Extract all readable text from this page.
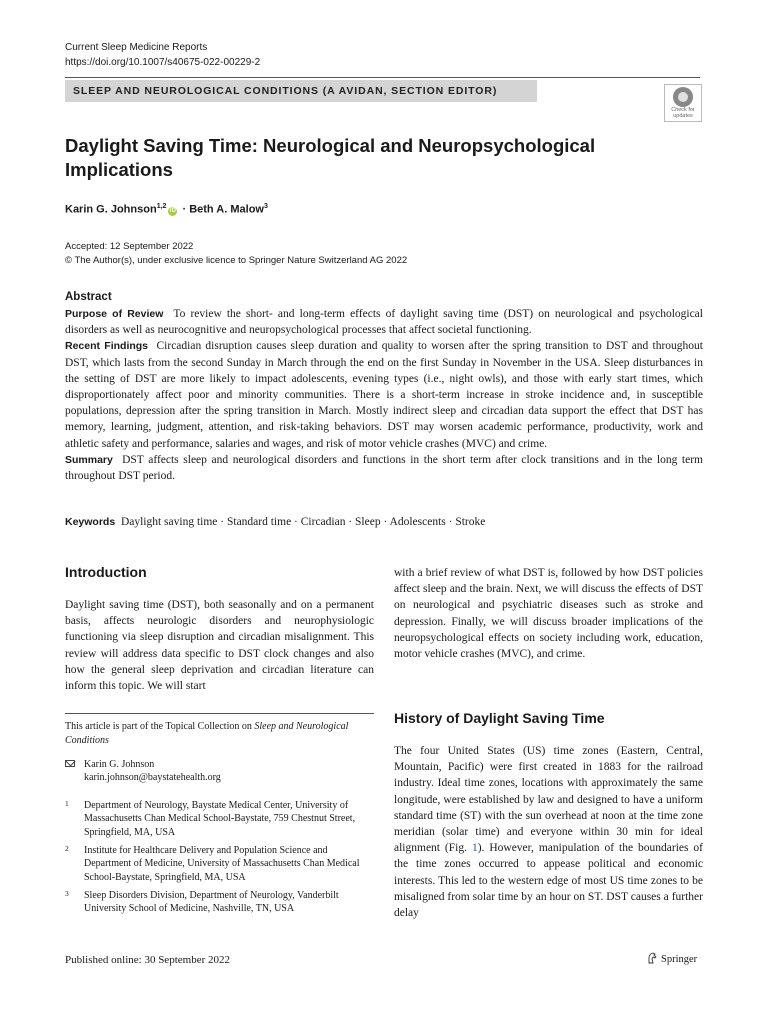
Current Sleep Medicine Reports
https://doi.org/10.1007/s40675-022-00229-2
SLEEP AND NEUROLOGICAL CONDITIONS (A AVIDAN, SECTION EDITOR)
Check for
updates
Daylight Saving Time: Neurological and Neuropsychological Implications
Karin G. Johnson$^{1,2}$iD · Beth A. Malow$^3$
Accepted: 12 September 2022
© The Author(s), under exclusive licence to Springer Nature Switzerland AG 2022
Abstract

Purpose of Review To review the short- and long-term effects of daylight saving time (DST) on neurological and psychological disorders as well as neurocognitive and neuropsychological processes that affect societal functioning.

Recent Findings Circadian disruption causes sleep duration and quality to worsen after the spring transition to DST and throughout DST, which lasts from the second Sunday in March through the end on the first Sunday in November in the USA. Sleep disturbances in the setting of DST are more likely to impact adolescents, evening types (i.e., night owls), and those with early start times, which disproportionately affect poor and minority communities. There is a short-term increase in stroke incidence and, in susceptible populations, depression after the spring transition in March. Mostly indirect sleep and circadian data support the effect that DST has memory, learning, judgment, attention, and risk-taking behaviors. DST may worsen academic performance, productivity, work and athletic safety and performance, salaries and wages, and risk of motor vehicle crashes (MVC) and crime.

Summary DST affects sleep and neurological disorders and functions in the short term after clock transitions and in the long term throughout DST period.

Keywords Daylight saving time · Standard time · Circadian · Sleep · Adolescents · Stroke
Introduction
Daylight saving time (DST), both seasonally and on a permanent basis, affects neurologic disorders and neurophysiologic functioning via sleep disruption and circadian misalignment. This review will address data specific to DST clock changes and also how the general sleep deprivation and circadian literature can inform this topic. We will start
This article is part of the Topical Collection on Sleep and Neurological Conditions
Karin G. Johnson
karin.johnson@baystatehealth.org
1 Department of Neurology, Baystate Medical Center, University of Massachusetts Chan Medical School-Baystate, 759 Chestnut Street, Springfield, MA, USA
2 Institute for Healthcare Delivery and Population Science and Department of Medicine, University of Massachusetts Chan Medical School-Baystate, Springfield, MA, USA
3 Sleep Disorders Division, Department of Neurology, Vanderbilt University School of Medicine, Nashville, TN, USA
with a brief review of what DST is, followed by how DST policies affect sleep and the brain. Next, we will discuss the effects of DST on neurological and psychiatric diseases such as stroke and depression. Finally, we will discuss broader implications of the neuropsychological effects on society including work, education, motor vehicle crashes (MVC), and crime.
History of Daylight Saving Time
The four United States (US) time zones (Eastern, Central, Mountain, Pacific) were first created in 1883 for the railroad industry. Ideal time zones, locations with approximately the same longitude, were established by law and designed to have a uniform standard time (ST) with the sun overhead at noon at the time zone meridian (solar time) and everyone within 30 min for ideal alignment (Fig. 1). However, manipulation of the boundaries of the time zones occurred to appease political and economic interests. This led to the western edge of most US time zones to be misaligned from solar time by an hour on ST. DST causes a further delay
Published online: 30 September 2022	Springer
